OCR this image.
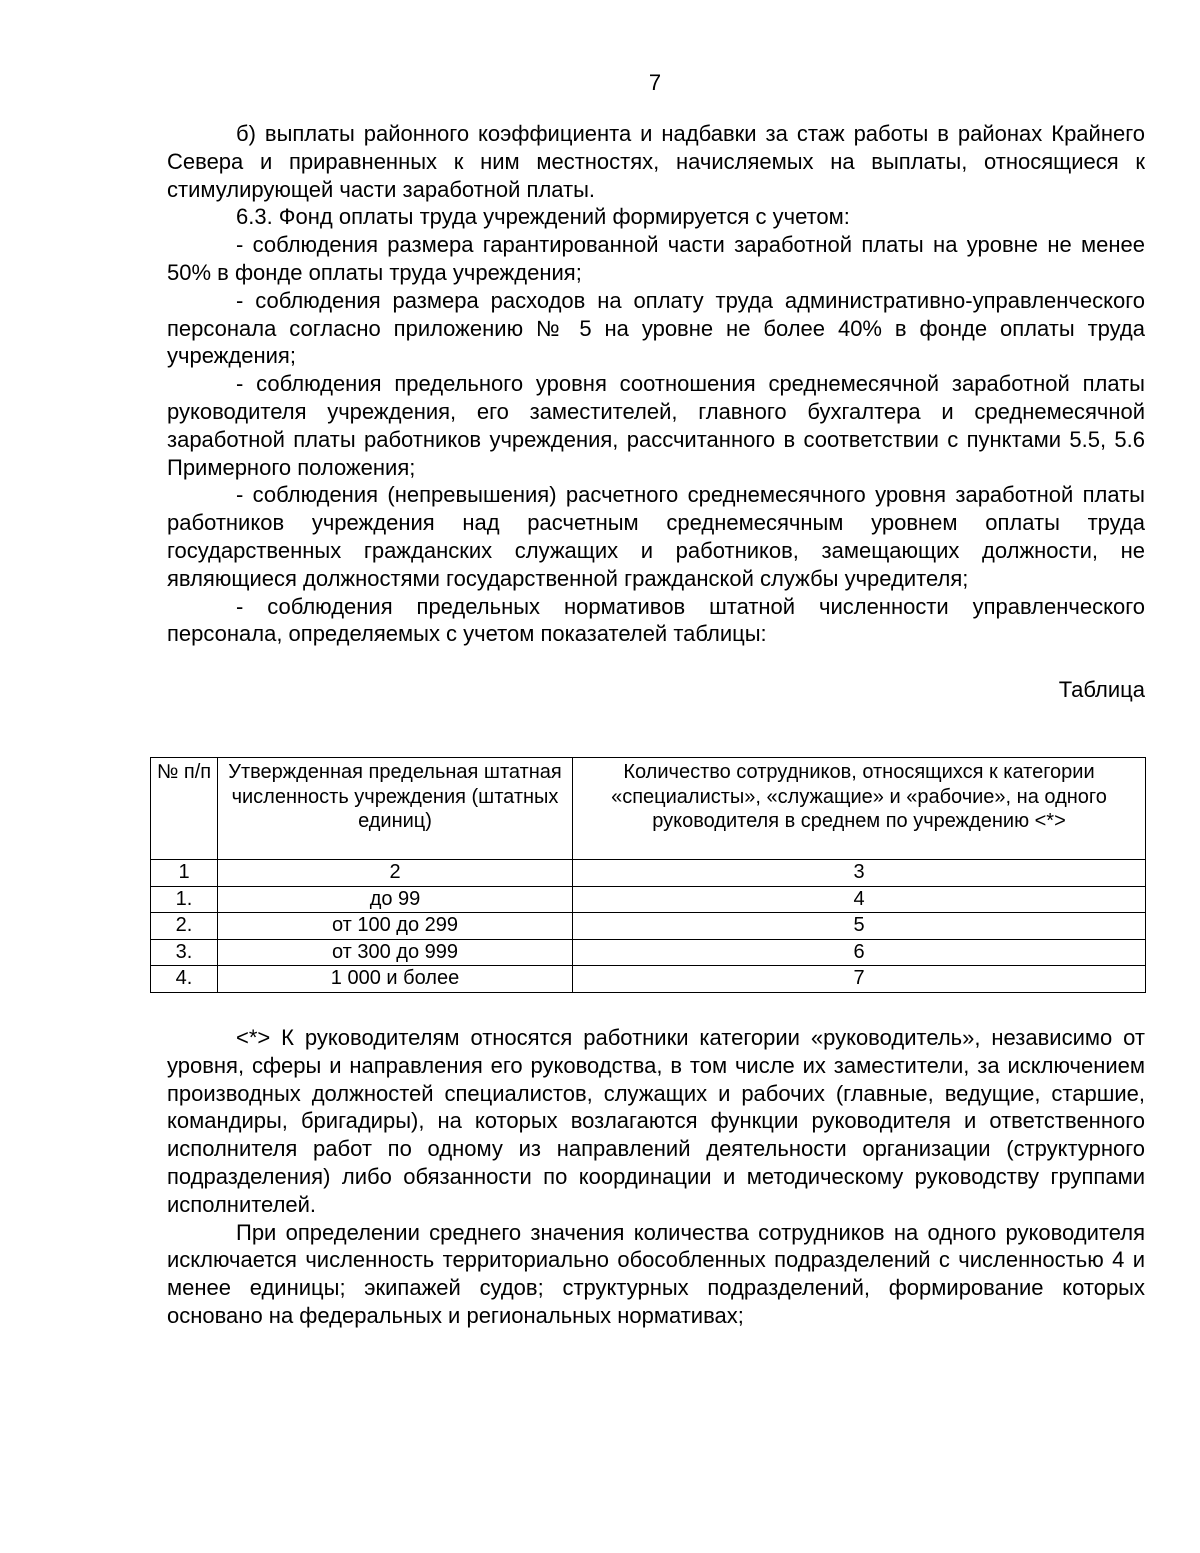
7

б) выплаты районного коэффициента и надбавки за стаж работы в районах Крайнего Севера и приравненных к ним местностях, начисляемых на выплаты, относящиеся к стимулирующей части заработной платы.

6.3. Фонд оплаты труда учреждений формируется с учетом:

- соблюдения размера гарантированной части заработной платы на уровне не менее 50% в фонде оплаты труда учреждения;

- соблюдения размера расходов на оплату труда административно-управленческого персонала согласно приложению № 5 на уровне не более 40% в фонде оплаты труда учреждения;

- соблюдения предельного уровня соотношения среднемесячной заработной платы руководителя учреждения, его заместителей, главного бухгалтера и среднемесячной заработной платы работников учреждения, рассчитанного в соответствии с пунктами 5.5, 5.6 Примерного положения;

- соблюдения (непревышения) расчетного среднемесячного уровня заработной платы работников учреждения над расчетным среднемесячным уровнем оплаты труда государственных гражданских служащих и работников, замещающих должности, не являющиеся должностями государственной гражданской службы учредителя;

- соблюдения предельных нормативов штатной численности управленческого персонала, определяемых с учетом показателей таблицы:

Таблица
№ п/п	Утвержденная предельная штатная численность учреждения (штатных единиц)	Количество сотрудников, относящихся к категории «специалисты», «служащие» и «рабочие», на одного руководителя в среднем по учреждению <*>
1	2	3
1.	до 99	4
2.	от 100 до 299	5
3.	от 300 до 999	6
4.	1 000 и более	7

<*> К руководителям относятся работники категории «руководитель», независимо от уровня, сферы и направления его руководства, в том числе их заместители, за исключением производных должностей специалистов, служащих и рабочих (главные, ведущие, старшие, командиры, бригадиры), на которых возлагаются функции руководителя и ответственного исполнителя работ по одному из направлений деятельности организации (структурного подразделения) либо обязанности по координации и методическому руководству группами исполнителей.

При определении среднего значения количества сотрудников на одного руководителя исключается численность территориально обособленных подразделений с численностью 4 и менее единицы; экипажей судов; структурных подразделений, формирование которых основано на федеральных и региональных нормативах;
